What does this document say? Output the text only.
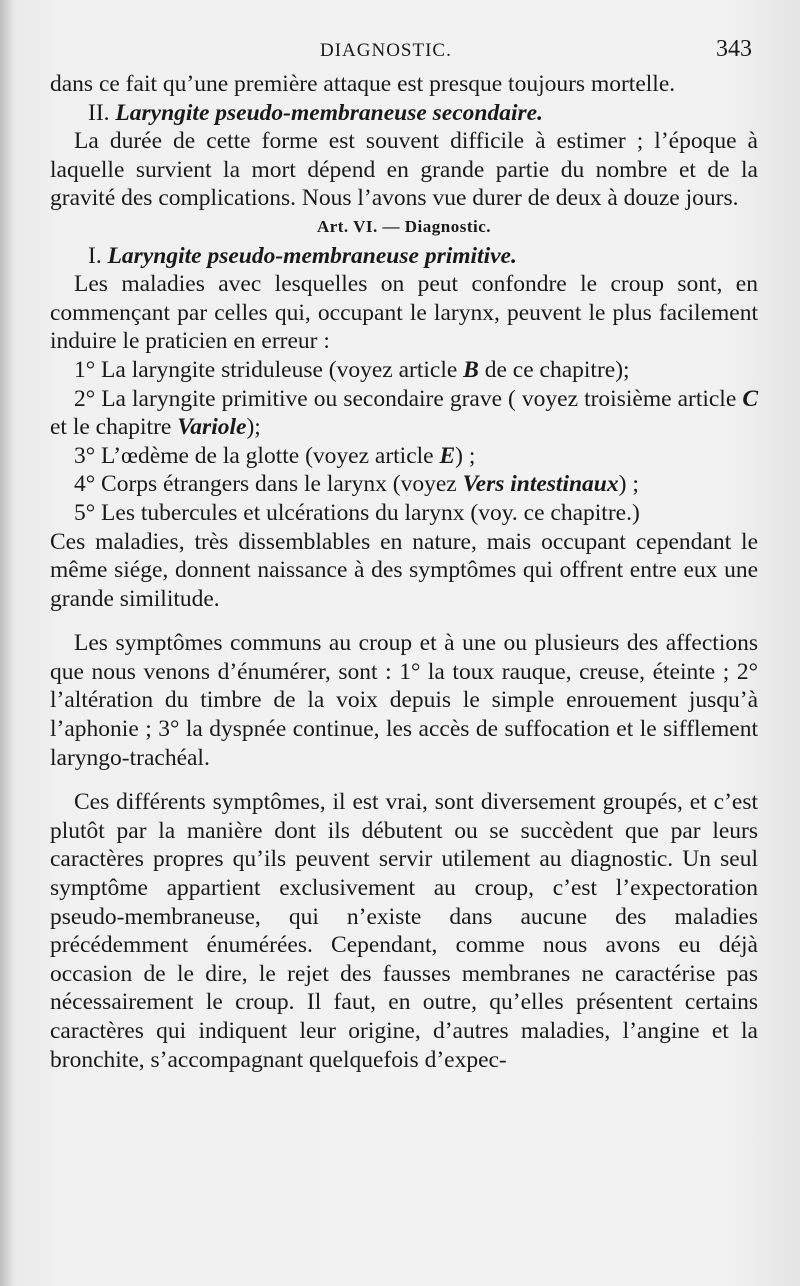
DIAGNOSTIC.	343

dans ce fait qu’une première attaque est presque toujours mortelle.

II. Laryngite pseudo-membraneuse secondaire.

La durée de cette forme est souvent difficile à estimer ; l’époque à laquelle survient la mort dépend en grande partie du nombre et de la gravité des complications. Nous l’avons vue durer de deux à douze jours.

Art. VI. — Diagnostic.

I. Laryngite pseudo-membraneuse primitive.

Les maladies avec lesquelles on peut confondre le croup sont, en commençant par celles qui, occupant le larynx, peuvent le plus facilement induire le praticien en erreur :

1° La laryngite striduleuse (voyez article B de ce chapitre);

2° La laryngite primitive ou secondaire grave ( voyez troisième article C et le chapitre Variole);

3° L’œdème de la glotte (voyez article E) ;

4° Corps étrangers dans le larynx (voyez Vers intestinaux) ;

5° Les tubercules et ulcérations du larynx (voy. ce chapitre.)

Ces maladies, très dissemblables en nature, mais occupant cependant le même siége, donnent naissance à des symptômes qui offrent entre eux une grande similitude.

Les symptômes communs au croup et à une ou plusieurs des affections que nous venons d’énumérer, sont : 1° la toux rauque, creuse, éteinte ; 2° l’altération du timbre de la voix depuis le simple enrouement jusqu’à l’aphonie ; 3° la dyspnée continue, les accès de suffocation et le sifflement laryngo-trachéal.

Ces différents symptômes, il est vrai, sont diversement groupés, et c’est plutôt par la manière dont ils débutent ou se succèdent que par leurs caractères propres qu’ils peuvent servir utilement au diagnostic. Un seul symptôme appartient exclusivement au croup, c’est l’expectoration pseudo-membraneuse, qui n’existe dans aucune des maladies précédemment énumérées. Cependant, comme nous avons eu déjà occasion de le dire, le rejet des fausses membranes ne caractérise pas nécessairement le croup. Il faut, en outre, qu’elles présentent certains caractères qui indiquent leur origine, d’autres maladies, l’angine et la bronchite, s’accompagnant quelquefois d’expec-
